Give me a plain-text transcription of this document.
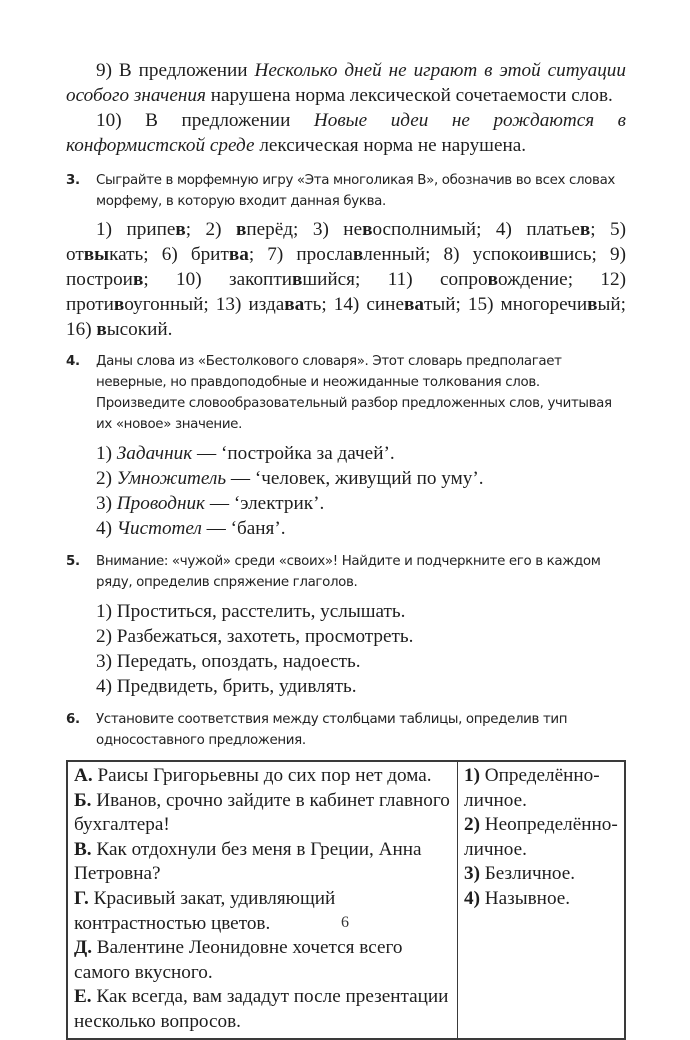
9) В предложении Несколько дней не играют в этой ситуации особого значения нарушена норма лексической сочетаемости слов.

10) В предложении Новые идеи не рождаются в конформистской среде лексическая норма не нарушена.

3.	Сыграйте в морфемную игру «Эта многоликая В», обозначив во всех словах морфему, в которую входит данная буква.

1) припев; 2) вперёд; 3) невосполнимый; 4) платьев; 5) отвыкать; 6) бритва; 7) прославленный; 8) успокоившись; 9) построив; 10) закоптившийся; 11) сопровождение; 12) противоугонный; 13) издавать; 14) синеватый; 15) многоречивый; 16) высокий.

4.	Даны слова из «Бестолкового словаря». Этот словарь предполагает неверные, но правдоподобные и неожиданные толкования слов. Произведите словообразовательный разбор предложенных слов, учитывая их «новое» значение.
1) Задачник — ‘постройка за дачей’.
2) Умножитель — ‘человек, живущий по уму’.
3) Проводник — ‘электрик’.
4) Чистотел — ‘баня’.
5.	Внимание: «чужой» среди «своих»! Найдите и подчеркните его в каждом ряду, определив спряжение глаголов.
1) Проститься, расстелить, услышать.
2) Разбежаться, захотеть, просмотреть.
3) Передать, опоздать, надоесть.
4) Предвидеть, брить, удивлять.
6.	Установите соответствия между столбцами таблицы, определив тип односоставного предложения.
А. Раисы Григорьевны до сих пор нет дома.
Б. Иванов, срочно зайдите в кабинет главного бухгалтера!
В. Как отдохнули без меня в Греции, Анна Петровна?
Г. Красивый закат, удивляющий контрастностью цветов.
Д. Валентине Леонидовне хочется всего самого вкусного.
Е. Как всегда, вам зададут после презентации несколько вопросов.
1) Определённо-личное.
2) Неопределённо-личное.
3) Безличное.
4) Назывное.
6
